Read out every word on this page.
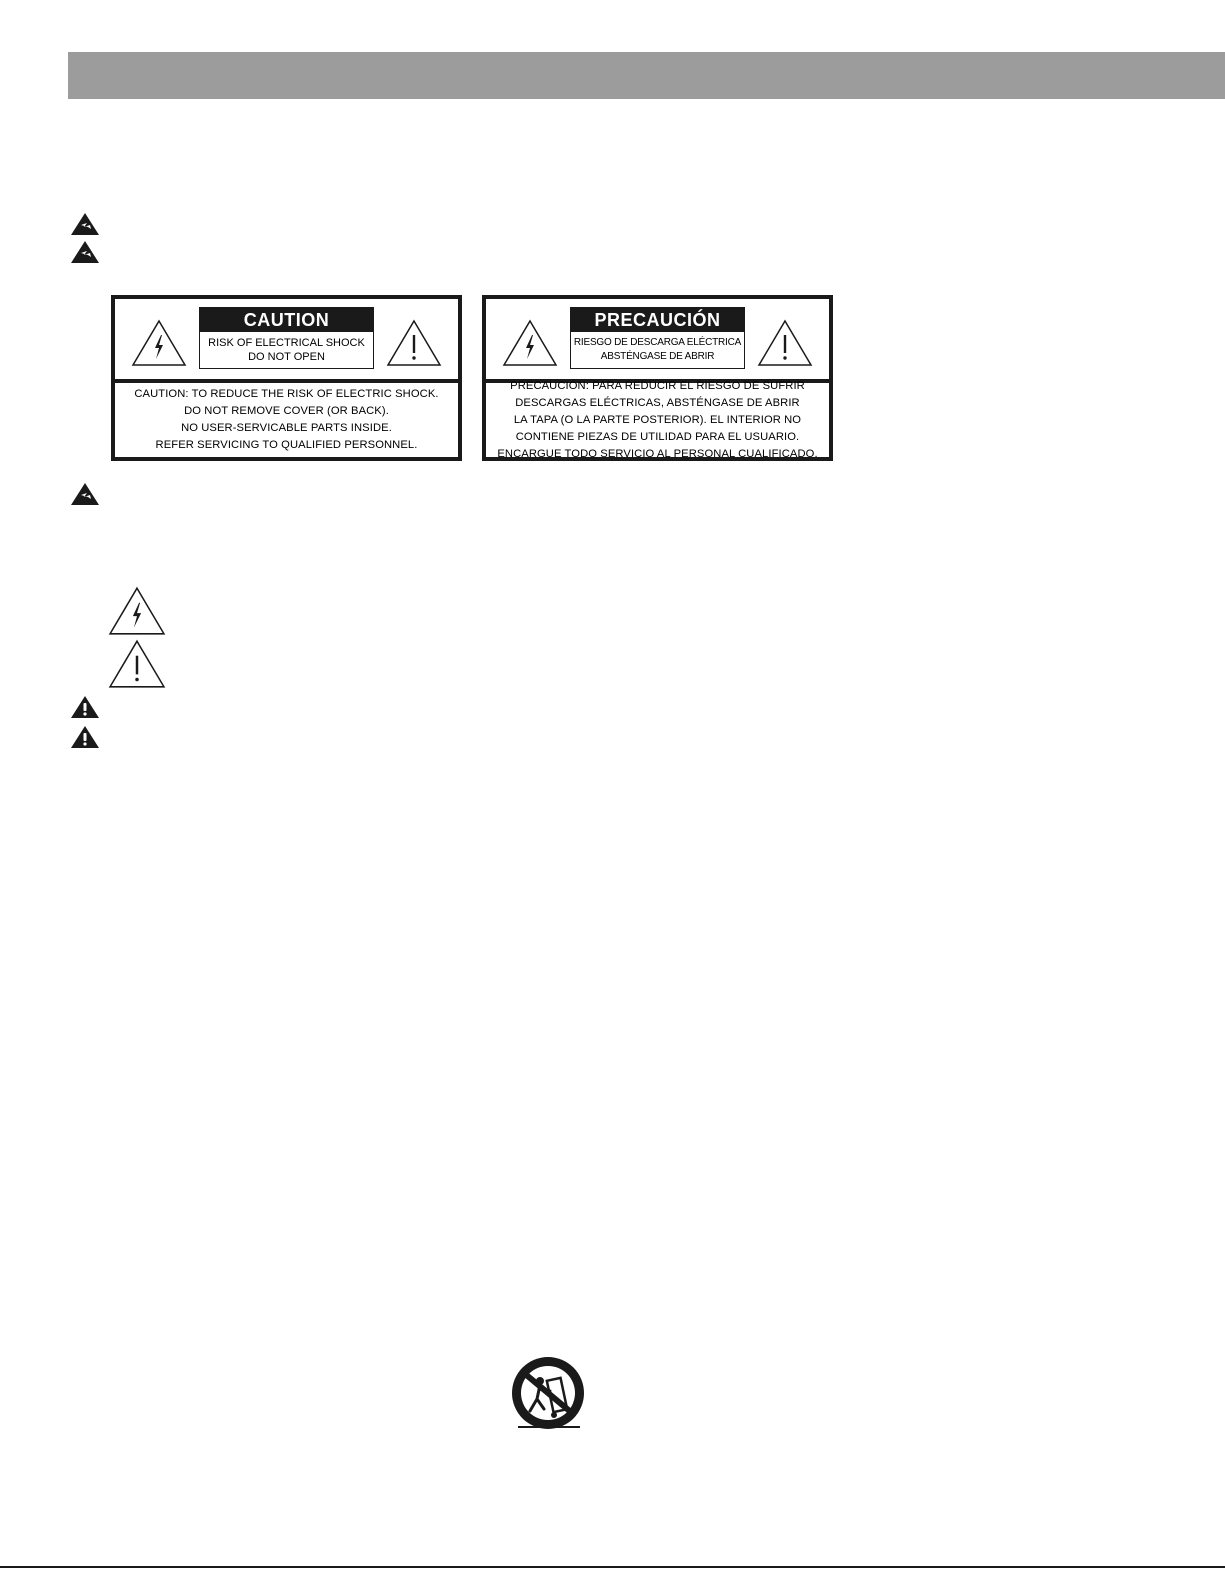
CAUTION
RISK OF ELECTRICAL SHOCK
DO NOT OPEN
CAUTION: TO REDUCE THE RISK OF ELECTRIC SHOCK.
DO NOT REMOVE COVER (OR BACK).
NO USER-SERVICABLE PARTS INSIDE.
REFER SERVICING TO QUALIFIED PERSONNEL.
PRECAUCIÓN
RIESGO DE DESCARGA ELÉCTRICA
ABSTÉNGASE DE ABRIR
PRECAUCIÓN: PARA REDUCIR EL RIESGO DE SUFRIR
DESCARGAS ELÉCTRICAS, ABSTÉNGASE DE ABRIR
LA TAPA (O LA PARTE POSTERIOR). EL INTERIOR NO
CONTIENE PIEZAS DE UTILIDAD PARA EL USUARIO.
ENCARGUE TODO SERVICIO AL PERSONAL CUALIFICADO.
